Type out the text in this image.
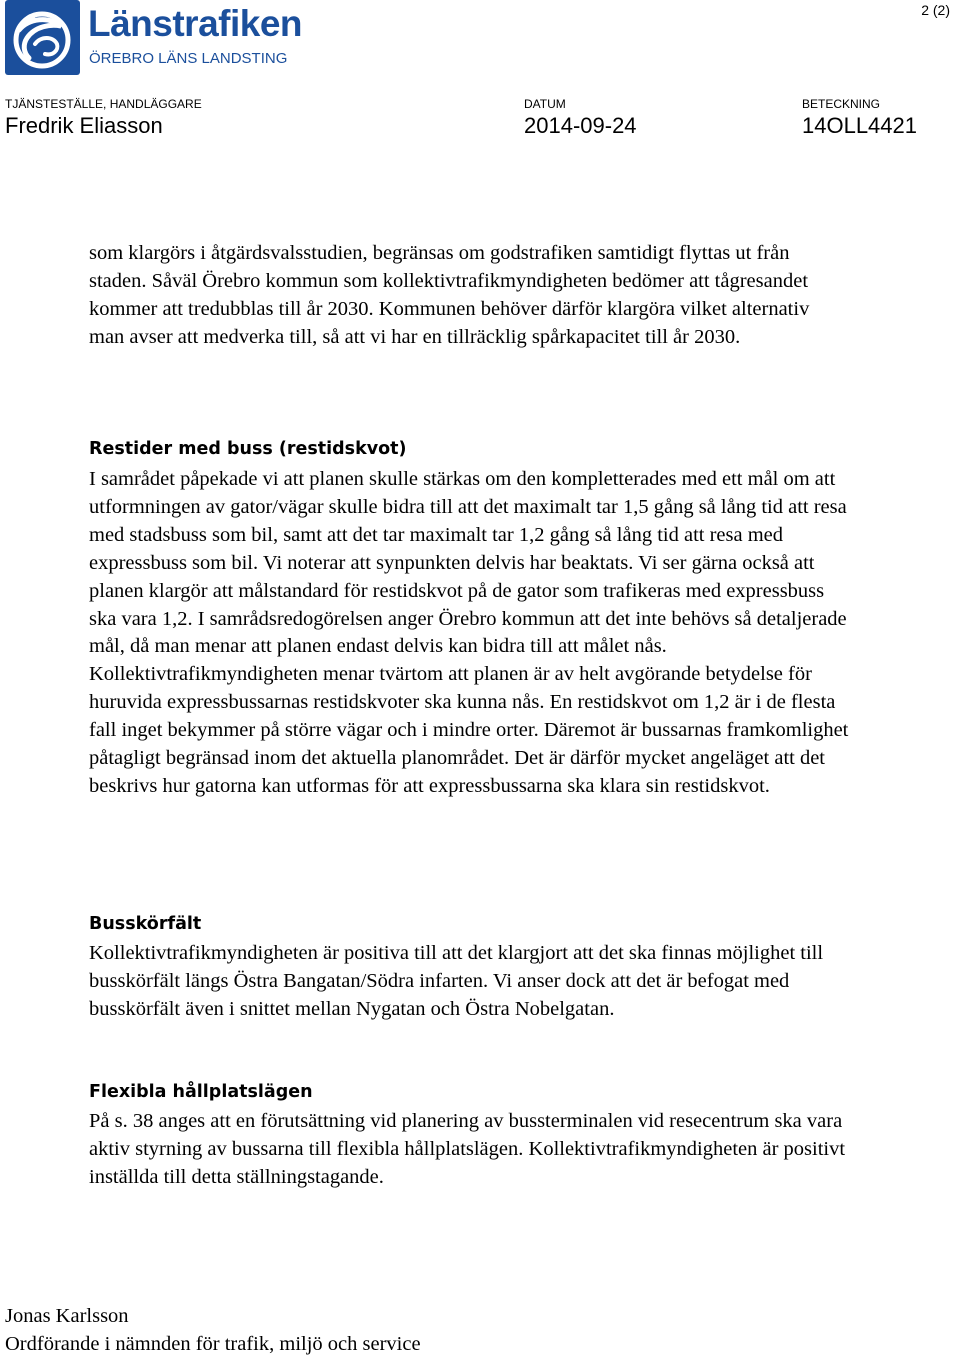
Länstrafiken
ÖREBRO LÄNS LANDSTING
2 (2)
TJÄNSTESTÄLLE, HANDLÄGGARE
Fredrik Eliasson
DATUM
2014-09-24
BETECKNING
14OLL4421

som klargörs i åtgärdsvalsstudien, begränsas om godstrafiken samtidigt flyttas ut från staden. Såväl Örebro kommun som kollektivtrafikmyndigheten bedömer att tågresandet kommer att tredubblas till år 2030. Kommunen behöver därför klargöra vilket alternativ man avser att medverka till, så att vi har en tillräcklig spårkapacitet till år 2030.

Restider med buss (restidskvot)

I samrådet påpekade vi att planen skulle stärkas om den kompletterades med ett mål om att utformningen av gator/vägar skulle bidra till att det maximalt tar 1,5 gång så lång tid att resa med stadsbuss som bil, samt att det tar maximalt tar 1,2 gång så lång tid att resa med expressbuss som bil. Vi noterar att synpunkten delvis har beaktats. Vi ser gärna också att planen klargör att målstandard för restidskvot på de gator som trafikeras med expressbuss ska vara 1,2. I samrådsredogörelsen anger Örebro kommun att det inte behövs så detaljerade mål, då man menar att planen endast delvis kan bidra till att målet nås. Kollektivtrafikmyndigheten menar tvärtom att planen är av helt avgörande betydelse för huruvida expressbussarnas restidskvoter ska kunna nås. En restidskvot om 1,2 är i de flesta fall inget bekymmer på större vägar och i mindre orter. Däremot är bussarnas framkomlighet påtagligt begränsad inom det aktuella planområdet. Det är därför mycket angeläget att det beskrivs hur gatorna kan utformas för att expressbussarna ska klara sin restidskvot.

Busskörfält

Kollektivtrafikmyndigheten är positiva till att det klargjort att det ska finnas möjlighet till busskörfält längs Östra Bangatan/Södra infarten. Vi anser dock att det är befogat med busskörfält även i snittet mellan Nygatan och Östra Nobelgatan.

Flexibla hållplatslägen

På s. 38 anges att en förutsättning vid planering av bussterminalen vid resecentrum ska vara aktiv styrning av bussarna till flexibla hållplatslägen. Kollektivtrafikmyndigheten är positivt inställda till detta ställningstagande.

Jonas Karlsson
Ordförande i nämnden för trafik, miljö och service
